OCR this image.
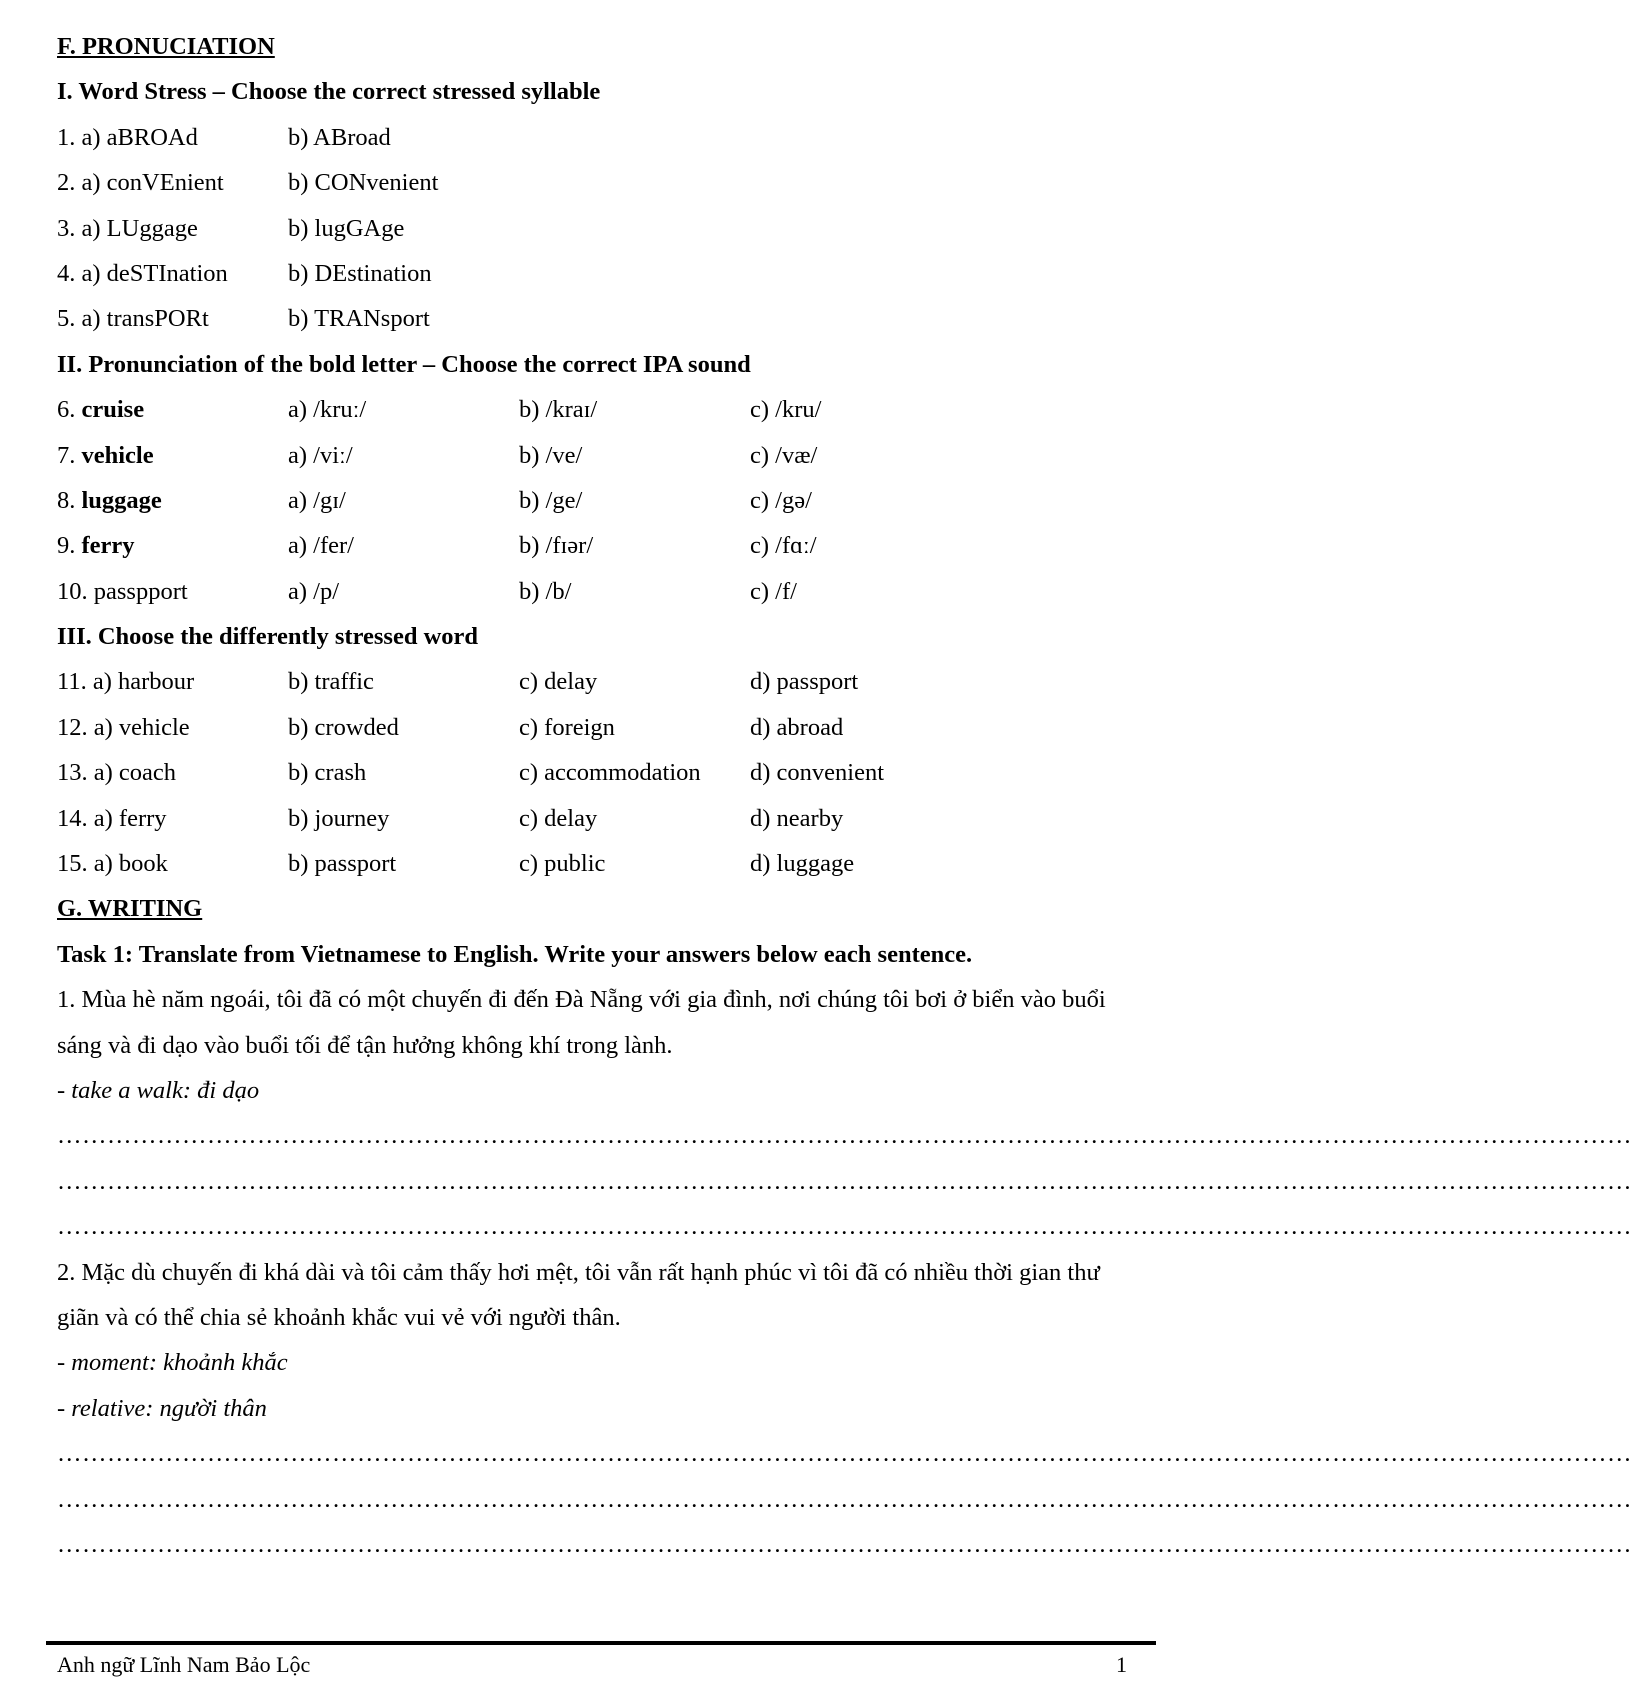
F. PRONUCIATION
I. Word Stress – Choose the correct stressed syllable
1. a) aBROAd	b) ABroad
2. a) conVEnient	b) CONvenient
3. a) LUggage	b) lugGAge
4. a) deSTInation b) DEstination
5. a) transPORt	b) TRANsport
II. Pronunciation of the bold letter – Choose the correct IPA sound
6. cruise	a) /kruː/	b) /kraɪ/	c) /kru/
7. vehicle	a) /viː/	b) /ve/	c) /væ/
8. luggage	a) /gɪ/	b) /ge/	c) /gə/
9. ferry	a) /fer/	b) /fɪər/	c) /fɑː/
10. passpport	a) /p/	b) /b/	c) /f/
III. Choose the differently stressed word
11. a) harbour	b) traffic	c) delay	d) passport
12. a) vehicle	b) crowded	c) foreign	d) abroad
13. a) coach	b) crash	c) accommodation d) convenient
14. a) ferry	b) journey	c) delay	d) nearby
15. a) book	b) passport	c) public	d) luggage
G. WRITING
Task 1: Translate from Vietnamese to English. Write your answers below each sentence.
1. Mùa hè năm ngoái, tôi đã có một chuyến đi đến Đà Nẵng với gia đình, nơi chúng tôi bơi ở biển vào buổi sáng và đi dạo vào buổi tối để tận hưởng không khí trong lành.
- take a walk: đi dạo
………………………………………………………………………………………………………………………………………………………………………
………………………………………………………………………………………………………………………………………………………………………
………………………………………………………………………………………………………………………………………………………………………
2. Mặc dù chuyến đi khá dài và tôi cảm thấy hơi mệt, tôi vẫn rất hạnh phúc vì tôi đã có nhiều thời gian thư giãn và có thể chia sẻ khoảnh khắc vui vẻ với người thân.
- moment: khoảnh khắc
- relative: người thân
………………………………………………………………………………………………………………………………………………………………………
………………………………………………………………………………………………………………………………………………………………………
………………………………………………………………………………………………………………………………………………………………………
Anh ngữ Lĩnh Nam Bảo Lộc	1
